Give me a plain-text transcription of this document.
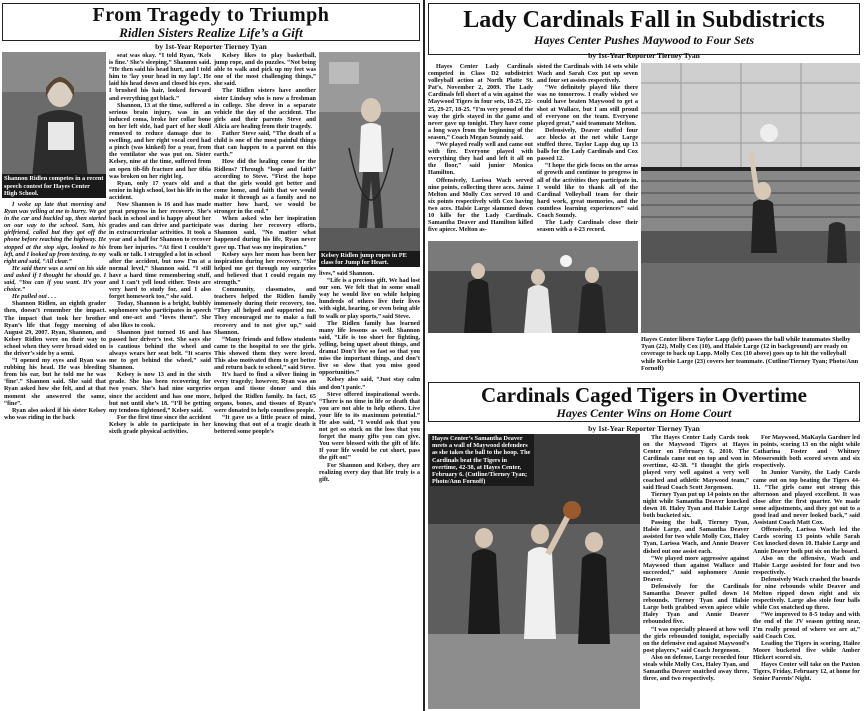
From Tragedy to Triumph
Ridlen Sisters Realize Life’s a Gift
by 1st-Year Reporter Tierney Tyan
Shannon Ridlen competes in a recent speech contest for Hayes Center High School.

I woke up late that morning and Ryan was yelling at me to hurry. We got in the car and buckled up, then started on our way to the school. Sam, his girlfriend, called but they got off the phone before reaching the highway. He stopped at the stop sign, looked to his left, and I looked up from texting, to my right and said, “All clear.”

He said there was a semi on his side and asked if I thought he should go. I said, “You can if you want. It’s your choice.”

He pulled out . . .

Shannon Ridlen, an eighth grader then, doesn’t remember the impact. The impact that took her brother Ryan’s life that foggy morning of August 29, 2007. Ryan, Shannon, and Kelsey Ridlen were on their way to school when they were broad sided on the driver’s side by a semi.

“I opened my eyes and Ryan was rubbing his head. He was bleeding from his ear, but he told me he was ‘fine’.” Shannon said. She said that Ryan asked how she felt, and at that moment she answered the same, “fine”.

Ryan also asked if his sister Kelsey who was riding in the back

seat was okay. “I told Ryan, ‘Kels is fine.’ She’s sleeping,” Shannon said. “He then said his head hurt, and I told him to ‘lay your head in my lap’. He laid his head down and closed his eyes. I brushed his hair, looked forward and everything got black.”

Shannon, 13 at the time, suffered a serious brain injury, was in an induced coma, broke her collar bone on her left side, had part of her skull removed to reduce damage due to swelling, and her right vocal cord had a pinch (was kinked) for a year, from the ventilator she was put on. Sister Kelsey, nine at the time, suffered from an open tib-fib fracture and her tibia was broken on her right leg.

Ryan, only 17 years old and a senior in high school, lost his life in the accident.

Now Shannon is 16 and has made great progress in her recovery. She’s back in school and is happy about her grades and can drive and participate in extracurricular activities. It took a year and a half for Shannon to recover from her injuries. “At first I couldn’t walk or talk. I struggled a lot in school after the accident, but now I’m at a normal level,” Shannon said. “I still have a hard time remembering stuff, and I can’t yell loud either. Tests are very hard to study for, and I also forget homework too,” she said.

Today, Shannon is a bright, bubbly sophomore who participates in speech and one-act and “loves them”. She also likes to cook.

Shannon just turned 16 and has passed her driver’s test. She says she is cautious behind the wheel and always wears her seat belt. “It scares me to get behind the wheel,” said Shannon.

Kelsey is now 13 and in the sixth grade. She has been recovering for two years. She’s had nine surgeries since the accident and has one more, but not until she’s 18. “I’ll be getting my tendons tightened,” Kelsey said.

For the first time since the accident Kelsey is able to participate in her sixth grade physical activities.

Kelsey likes to play basketball, jump rope, and do puzzles. “Not being able to walk and pick up my feet was one of the most challenging things,” she said.

The Ridlen sisters have another sister Lindsay who is now a freshman in college. She drove in a separate vehicle the day of the accident. The girls and their parents Steve and Alicia are healing from their tragedy.

Father Steve said, “The death of a child is one of the most painful things that can happen to a parent on this earth.”

How did the healing come for the Ridlens? Through “hope and faith” according to Steve. “First the hope that the girls would get better and come home, and faith that we would make it through as a family and no matter how hard, we would be stronger in the end.”

When asked who her inspiration was during her recovery efforts, Shannon said, “No matter what happened during his life, Ryan never gave up. That was my inspiration.”

Kelsey says her mom has been her inspiration during her recovery. “She helped me get through my surgeries and believed that I could regain my strength.”

Community, classmates, and teachers helped the Ridlen family immensely during their recovery, too. “They all helped and supported me. They encouraged me to make a full recovery and to not give up,” said Shannon.

“Many friends and fellow students came to the hospital to see the girls. This showed them they were loved. This also motivated them to get better and return back to school,” said Steve.

It’s hard to find a silver lining in every tragedy; however, Ryan was an organ and tissue donor and this helped the Ridlen family. In fact, 65 organs, bones, and tissues of Ryan’s were donated to help countless people.

“It gave us a little peace of mind, knowing that out of a tragic death it bettered some people’s

Kelsey Ridlen jump ropes in PE class for Jump for Heart.

lives,” said Shannon.

“Life is a precious gift. We had lost our son. We felt that in some small way he would live on while helping hundreds of others live their lives with sight, hearing, or even being able to walk or play sports,” said Steve.

The Ridlen family has learned many life lessons as well. Shannon said, “Life is too short for fighting, yelling, being upset about things, and drama! Don’t live so fast so that you miss the important things, and don’t live so slow that you miss good opportunities.”

Kelsey also said, “Just stay calm and don’t panic.”

Steve offered inspirational words. “There is no time in life or death that you are not able to help others. Live your life to its maximum potential.” He also said, “I would ask that you not get so stuck on the loss that you forget the many gifts you can give. You were blessed with the gift of life. If your life would be cut short, pass the gift on!”

For Shannon and Kelsey, they are realizing every day that life truly is a gift.

Lady Cardinals Fall in Subdistricts
Hayes Center Pushes Maywood to Four Sets
by 1st-Year Reporter Tierney Tyan

Hayes Center Lady Cardinals competed in Class D2 subdistrict volleyball action at North Platte St. Pat’s, November 2, 2009. The Lady Cardinals fell short of a win against the Maywood Tigers in four sets, 18-25, 22-25, 29-27, 18-25. “I’m very proud of the way the girls stayed in the game and never gave up tonight. They have come a long ways from the beginning of the season,” Coach Megan Soundy said.

“We played really well and came out with fire. Everyone played with everything they had and left it all on the floor,” said junior Monica Hamilton.

Offensively, Larissa Wach served nine points, collecting three aces. Jaime Melton and Molly Cox served 10 and six points respectively with Cox having two aces. Halsie Large slammed down 10 kills for the Lady Cardinals. Samantha Deaver and Hamilton killed five apiece. Melton as-

sisted the Cardinals with 14 sets while Wach and Sarah Cox put up seven and four set assists respectively.

“We definitely played like there was no tomorrow. I really wished we could have beaten Maywood to get a shot at Wallace, but I am still proud of everyone on the team. Everyone played great,” said teammate Melton.

Defensively, Deaver stuffed four ace blocks at the net while Large stuffed three. Taylor Lapp dug up 13 balls for the Lady Cardinals and Cox passed 12.

“I hope the girls focus on the areas of growth and continue to progress in all of the activities they participate in. I would like to thank all of the Cardinal Volleyball team for their hard work, great memories, and the countless learning experiences” said Coach Soundy.

The Lady Cardinals close their season with a 4-23 record.

Hayes Center libero Taylor Lapp (left) passes the ball while teammates Shelby Tyan (22), Molly Cox (10), and Halsie Large (12 in background) are ready on coverage to back up Lapp. Molly Cox (10 above) goes up to hit the volleyball while Kerbie Large (23) covers her teammate. (Cutline/Tierney Tyan; Photo/Ann Fornoff)
Cardinals Caged Tigers in Overtime
Hayes Center Wins on Home Court
by 1st-Year Reporter Tierney Tyan
Hayes Center’s Samantha Deaver meets a wall of Maywood defenders as she takes the ball to the hoop. The Cardinals beat the Tigers in overtime, 42-38, at Hayes Center, February 6. (Cutline/Tierney Tyan; Photo/Ann Fornoff)

The Hayes Center Lady Cards took on the Maywood Tigers at Hayes Center on February 6, 2010. The Cardinals came out on top and won in overtime, 42-38. “I thought the girls played very well against a very well coached and athletic Maywood team,” said Head Coach Scott Jorgenson.

Tierney Tyan put up 14 points on the night while Samantha Deaver knocked down 10. Haley Tyan and Halsie Large both bucketed six.

Passing the ball, Tierney Tyan, Halsie Large, and Samantha Deaver assisted for two while Molly Cox, Haley Tyan, Larissa Wach, and Annie Deaver dished out one assist each.

“We played more aggressive against Maywood than against Wallace and succeeded,” said sophomore Annie Deaver.

Defensively for the Cardinals Samantha Deaver pulled down 14 rebounds. Tierney Tyan and Halsie Large both grabbed seven apiece while Haley Tyan and Annie Deaver rebounded five.

“I was especially pleased at how well the girls rebounded tonight, especially on the defensive end against Maywood’s post players,” said Coach Jorgenson.

Also on defense, Large recorded four steals while Molly Cox, Haley Tyan, and Samantha Deaver snatched away three, three, and two respectively.

For Maywood, MaKayla Gardner led in points, scoring 13 on the night while Catharina Foster and Whitney Messersmith both scored seven and six respectively.

In Junior Varsity, the Lady Cards came out on top beating the Tigers 44-11. “The girls came out strong this afternoon and played excellent. It was close after the first quarter. We made some adjustments, and they got out to a good lead and never looked back,” said Assistant Coach Matt Cox.

Offensively, Larissa Wach led the Cards scoring 13 points while Sarah Cox knocked down 10. Halsie Large and Annie Deaver both put six on the board.

Also on the offensive, Wach and Halsie Large assisted for four and two respectively.

Defensively Wach crashed the boards for nine rebounds while Deaver and Melton ripped down eight and six respectively. Large also stole four balls while Cox snatched up three.

“We improved to 8-5 today and with the end of the JV season getting near, I’m really proud of where we are at,” said Coach Cox.

Leading the Tigers in scoring, Hailee Moore bucketed five while Amber Hickert scored six.

Hayes Center will take on the Paxton Tigers, Friday, February 12, at home for Senior Parents’ Night.
